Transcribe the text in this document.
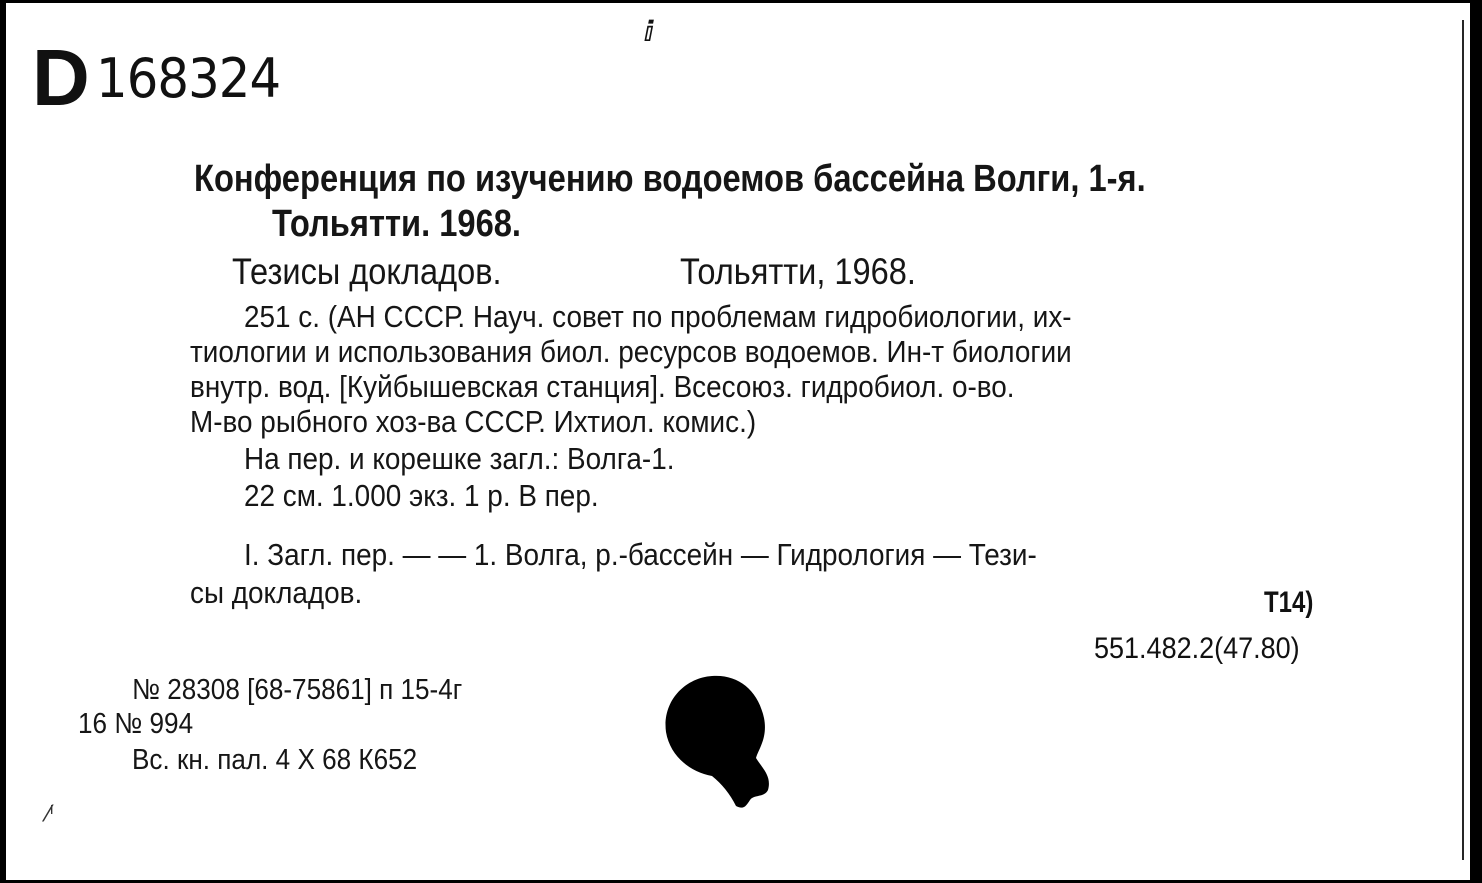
D 168324
ⅈ
Конференция по изучению водоемов бассейна Волги, 1-я.
Тольятти. 1968.
Тезисы докладов.	Тольятти, 1968.
251 с. (АН СССР. Науч. совет по проблемам гидробиологии, их-
тиологии и использования биол. ресурсов водоемов. Ин-т биологии
внутр. вод. [Куйбышевская станция]. Всесоюз. гидробиол. о-во.
М-во рыбного хоз-ва СССР. Ихтиол. комис.)
На пер. и корешке загл.: Волга-1.
22 см. 1.000 экз. 1 р. В пер.
I. Загл. пер. — — 1. Волга, р.-бассейн — Гидрология — Тези-
сы докладов.	Т14)
551.482.2(47.80)
№ 28308 [68-75861] п 15-4г
16 № 994
Вс. кн. пал. 4 X 68 К652
⁄ᴵ
